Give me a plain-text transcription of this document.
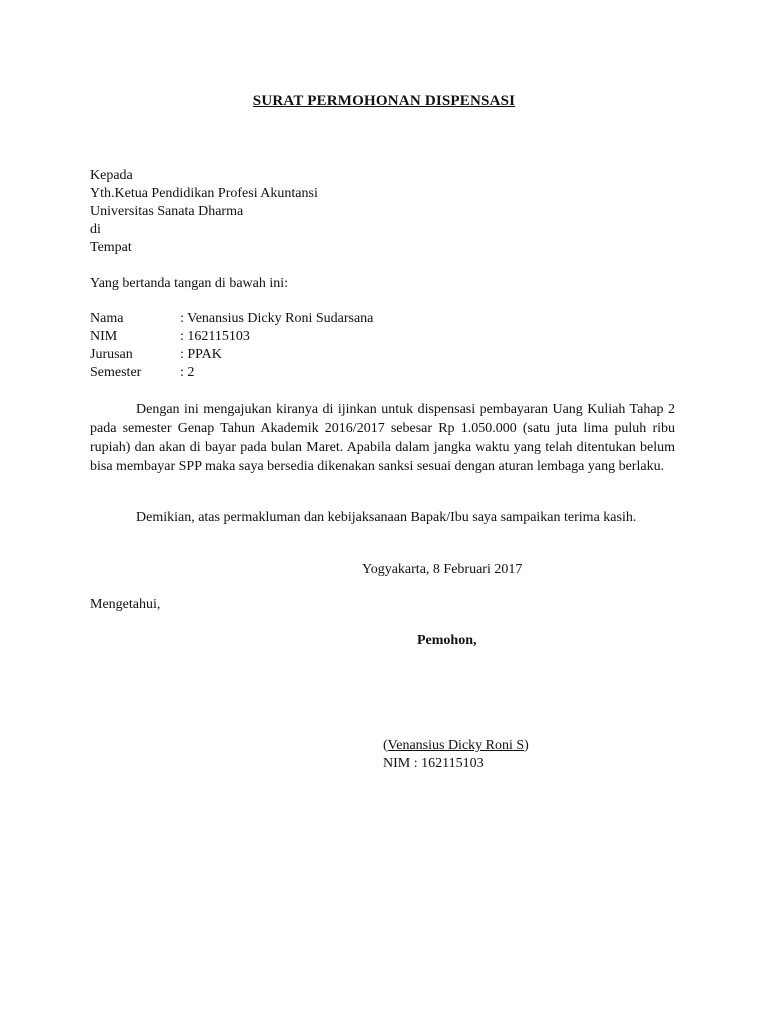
SURAT PERMOHONAN DISPENSASI
Kepada
Yth.Ketua Pendidikan Profesi Akuntansi
Universitas Sanata Dharma
di
Tempat
Yang bertanda tangan di bawah ini:
Nama	: Venansius Dicky Roni Sudarsana
NIM	: 162115103
Jurusan	: PPAK
Semester	: 2
Dengan ini mengajukan kiranya di ijinkan untuk dispensasi pembayaran Uang Kuliah Tahap 2 pada semester Genap Tahun Akademik 2016/2017 sebesar Rp 1.050.000 (satu juta lima puluh ribu rupiah) dan akan di bayar pada bulan Maret. Apabila dalam jangka waktu yang telah ditentukan belum bisa membayar SPP maka saya bersedia dikenakan sanksi sesuai dengan aturan lembaga yang berlaku.
Demikian, atas permakluman dan kebijaksanaan Bapak/Ibu saya sampaikan terima kasih.
Yogyakarta, 8 Februari 2017
Mengetahui,
Pemohon,
(Venansius Dicky Roni S)
NIM : 162115103
